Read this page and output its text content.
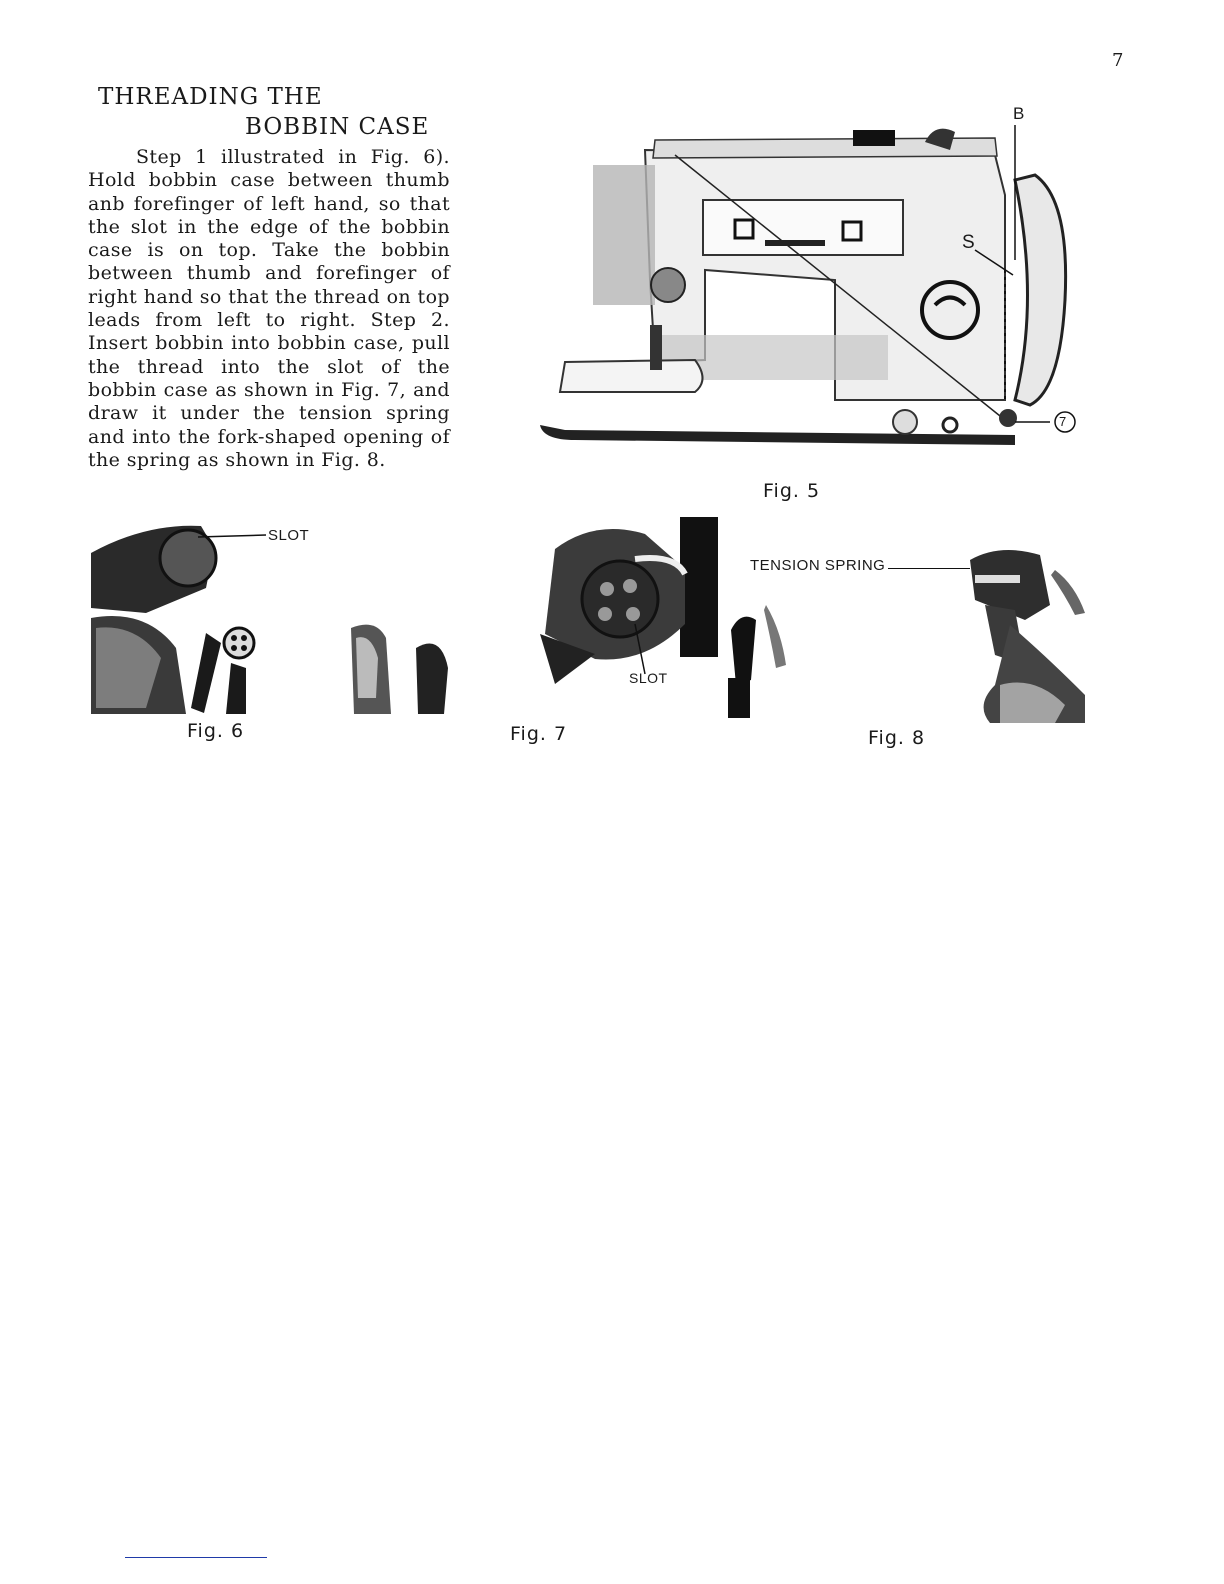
7
THREADING THE
BOBBIN CASE
Step 1 illustrated in Fig. 6). Hold bobbin case between thumb anb forefinger of left hand, so that the slot in the edge of the bobbin case is on top. Take the bobbin between thumb and forefinger of right hand so that the thread on top leads from left to right. Step 2. Insert bobbin into bobbin case, pull the thread into the slot of the bobbin case as shown in Fig. 7, and draw it under the tension spring and into the fork-shaped opening of the spring as shown in Fig. 8.
B
S
7
Fig. 5
SLOT
Fig. 6
SLOT
Fig. 7
TENSION SPRING
Fig. 8
